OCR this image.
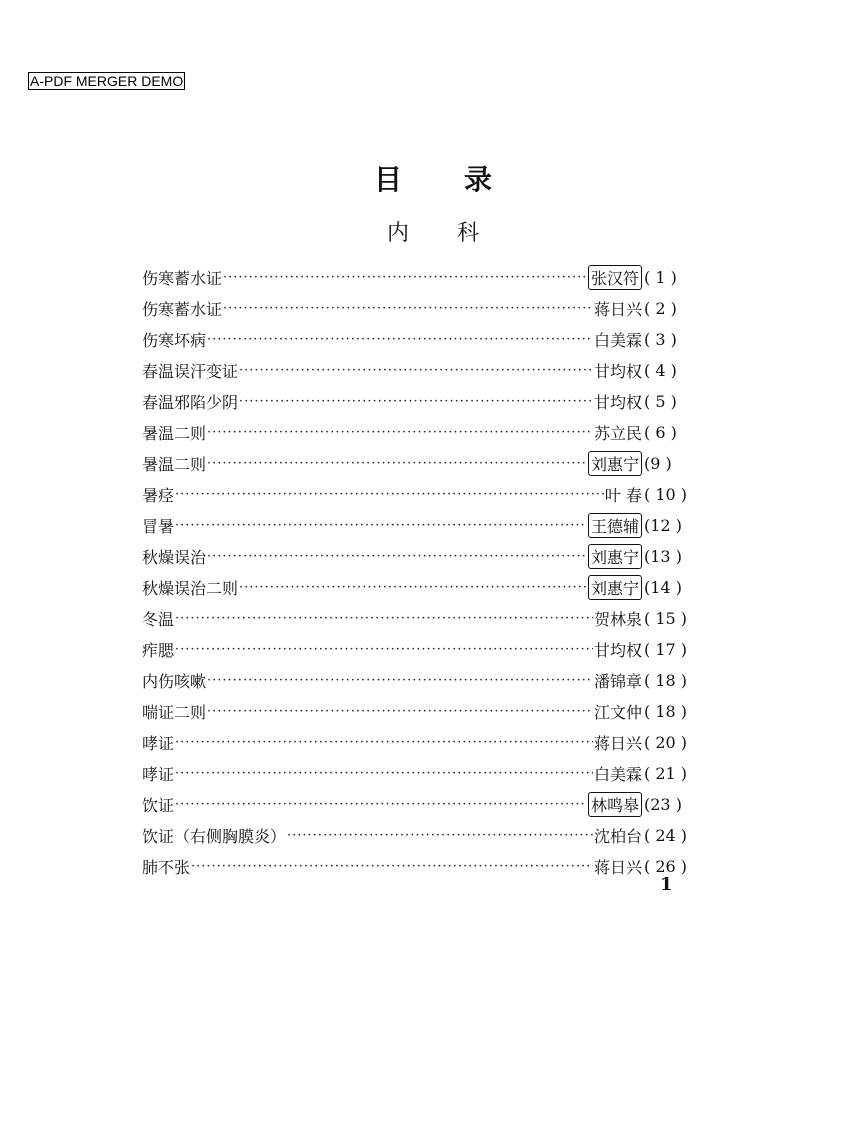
A-PDF MERGER DEMO
目 录
内 科
伤寒蓄水证 ·····	张汉符 ( 1 )
伤寒蓄水证 ·····	蒋日兴 ( 2 )
伤寒坏病 ·····	白美霖 ( 3 )
春温误汗变证 ·····	甘均权 ( 4 )
春温邪陷少阴 ·····	甘均权 ( 5 )
暑温二则 ·····	苏立民 ( 6 )
暑温二则 ·····	刘惠宁 (9 )
暑痉 ·····	叶 春 ( 10 )
冒暑 ·····	王德辅 (12 )
秋燥误治 ·····	刘惠宁 (13 )
秋燥误治二则 ·····	刘惠宁 (14 )
冬温 ·····	贺林泉 ( 15 )
痄腮 ·····	甘均权 ( 17 )
内伤咳嗽 ·····	潘锦章 ( 18 )
喘证二则 ·····	江文仲 ( 18 )
哮证 ·····	蒋日兴 ( 20 )
哮证 ·····	白美霖 ( 21 )
饮证 ·····	林鸣皋 (23 )
饮证（右侧胸膜炎） ·····	沈柏台 ( 24 )
肺不张 ·····	蒋日兴 ( 26 )
1
